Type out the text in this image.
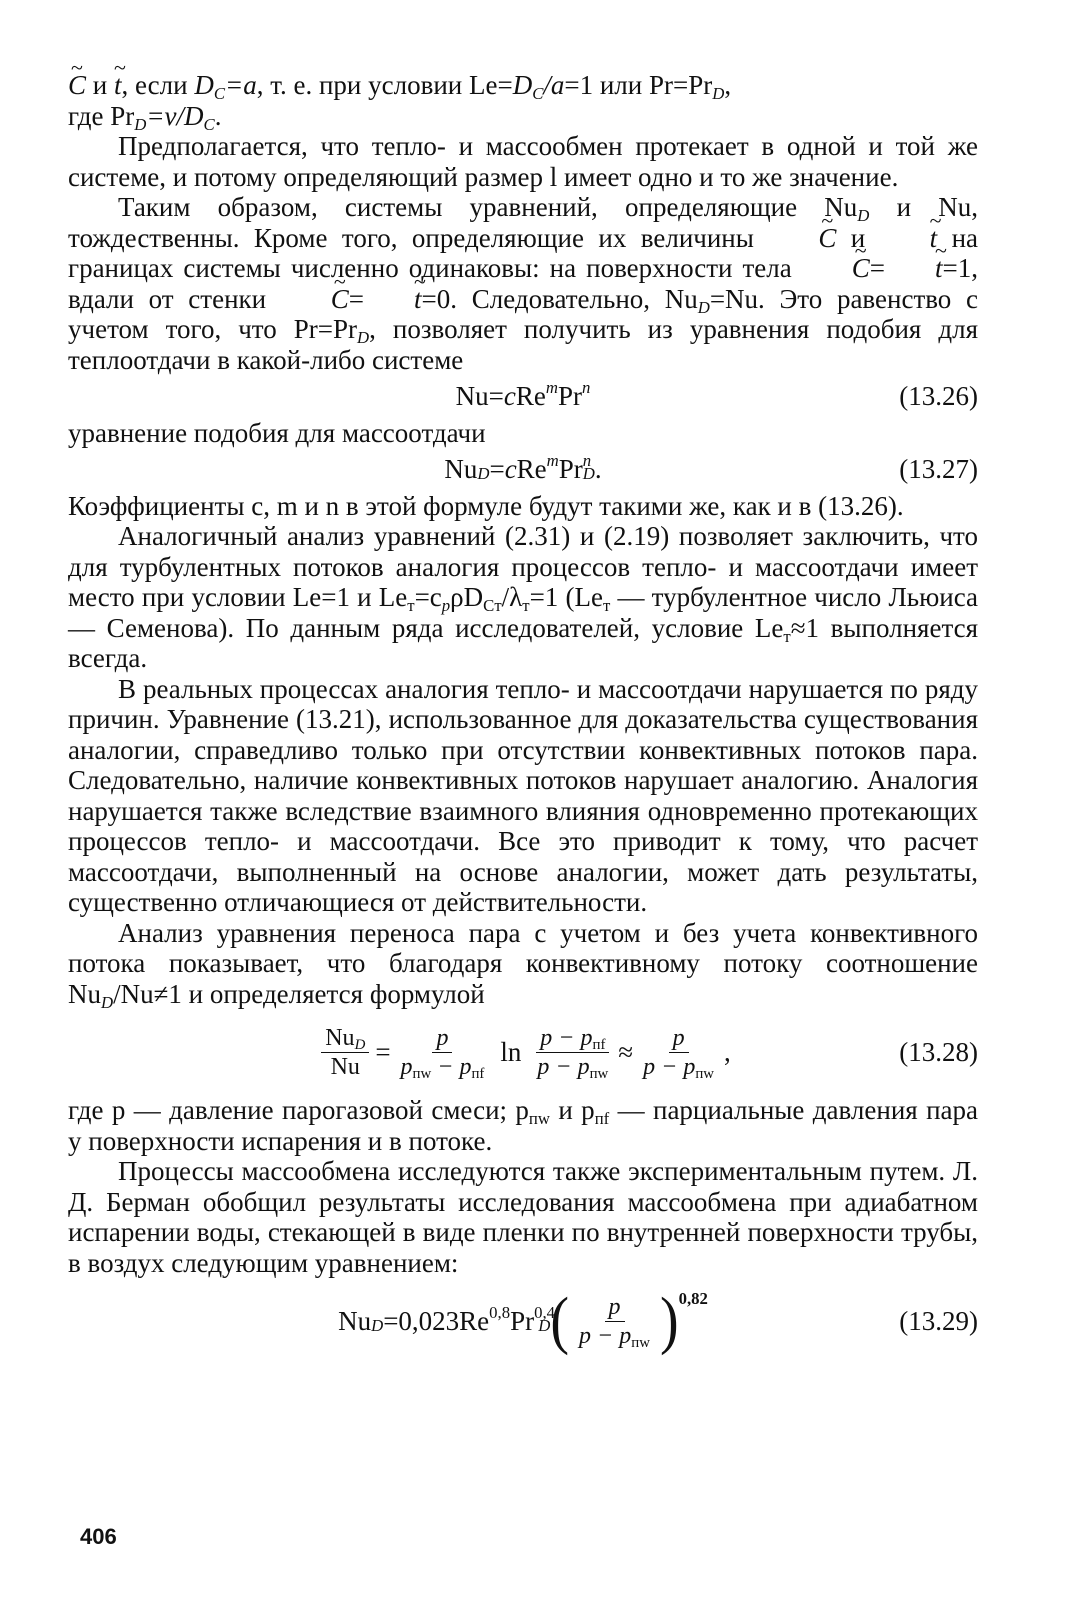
~ C и ~ t, если $D_C=a$, т. е. при условии $Le=D_C/a=1$ или $Pr=Pr_D$,

где $Pr_D=\nu/D_C$.

Предполагается, что тепло- и массообмен протекает в одной и той же системе, и потому определяющий размер l имеет одно и то же значение.

Таким образом, системы уравнений, определяющие $Nu_D$ и Nu, тождественны. Кроме того, определяющие их величины ~ C и ~ t на границах системы численно одинаковы: на поверхности тела ~ C= ~ t=1, вдали от стенки ~ C= ~ t=0. Следовательно, $Nu_D=Nu$. Это равенство с учетом того, что $Pr=Pr_D$, позволяет получить из уравнения подобия для теплоотдачи в какой-либо системе

Nu= c Re $^m$ Pr $^n$	(13.26)

уравнение подобия для массоотдачи

Nu $_D$ = c Re $^m$ Pr $^n$
$_D$ .	(13.27)

Коэффициенты c, m и n в этой формуле будут такими же, как и в (13.26).

Аналогичный анализ уравнений (2.31) и (2.19) позволяет заключить, что для турбулентных потоков аналогия процессов тепло- и массоотдачи имеет место при условии Le=1 и $Le_т=c_p\rho D_{Cт}/\lambda_т=1$ ($Le_т$ — турбулентное число Льюиса — Семенова). По данным ряда исследователей, условие $Le_т\approx 1$ выполняется всегда.

В реальных процессах аналогия тепло- и массоотдачи нарушается по ряду причин. Уравнение (13.21), использованное для доказательства существования аналогии, справедливо только при отсутствии конвективных потоков пара. Следовательно, наличие конвективных потоков нарушает аналогию. Аналогия нарушается также вследствие взаимного влияния одновременно протекающих процессов тепло- и массоотдачи. Все это приводит к тому, что расчет массоотдачи, выполненный на основе аналогии, может дать результаты, существенно отличающиеся от действительности.

Анализ уравнения переноса пара с учетом и без учета конвективного потока показывает, что благодаря конвективному потоку соотношение $Nu_D/Nu\ne 1$ и определяется формулой

$\frac{Nu_D}{Nu} = \frac{p}{p_{пw} - p_{пf}}$ $\ln \frac{p - p_{пf}}{p - p_{пw}} \approx \frac{p}{p - p_{пw}}$ ,	(13.28)

где p — давление парогазовой смеси; $p_{пw}$ и $p_{пf}$ — парциальные давления пара у поверхности испарения и в потоке.

Процессы массообмена исследуются также экспериментальным путем. Л. Д. Берман обобщил результаты исследования массообмена при адиабатном испарении воды, стекающей в виде пленки по внутренней поверхности трубы, в воздух следующим уравнением:

Nu $_D$ =0,023Re$^{0,8}$ Pr$^{0,4}$
$_D$ ( $\frac{p}{p - p_{пw}} )^{0,82}$
(13.29)
406
